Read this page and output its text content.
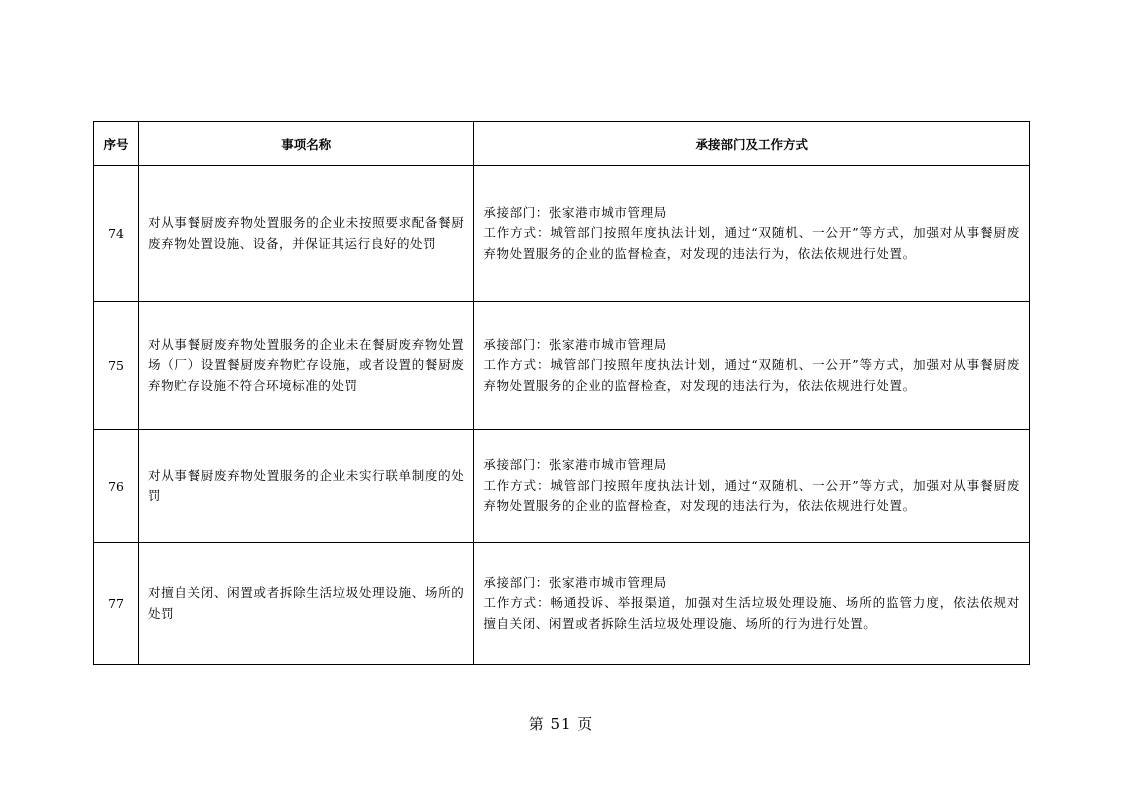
序号	事项名称	承接部门及工作方式
74	对从事餐厨废弃物处置服务的企业未按照要求配备餐厨废弃物处置设施、设备，并保证其运行良好的处罚	承接部门：张家港市城市管理局
工作方式：城管部门按照年度执法计划，通过“双随机、一公开”等方式，加强对从事餐厨废弃物处置服务的企业的监督检查，对发现的违法行为，依法依规进行处置。

75	对从事餐厨废弃物处置服务的企业未在餐厨废弃物处置场（厂）设置餐厨废弃物贮存设施，或者设置的餐厨废弃物贮存设施不符合环境标准的处罚	承接部门：张家港市城市管理局
工作方式：城管部门按照年度执法计划，通过“双随机、一公开”等方式，加强对从事餐厨废弃物处置服务的企业的监督检查，对发现的违法行为，依法依规进行处置。

76	对从事餐厨废弃物处置服务的企业未实行联单制度的处罚	承接部门：张家港市城市管理局
工作方式：城管部门按照年度执法计划，通过“双随机、一公开”等方式，加强对从事餐厨废弃物处置服务的企业的监督检查，对发现的违法行为，依法依规进行处置。

77	对擅自关闭、闲置或者拆除生活垃圾处理设施、场所的处罚	承接部门：张家港市城市管理局
工作方式：畅通投诉、举报渠道，加强对生活垃圾处理设施、场所的监管力度，依法依规对擅自关闭、闲置或者拆除生活垃圾处理设施、场所的行为进行处置。
第 51 页
